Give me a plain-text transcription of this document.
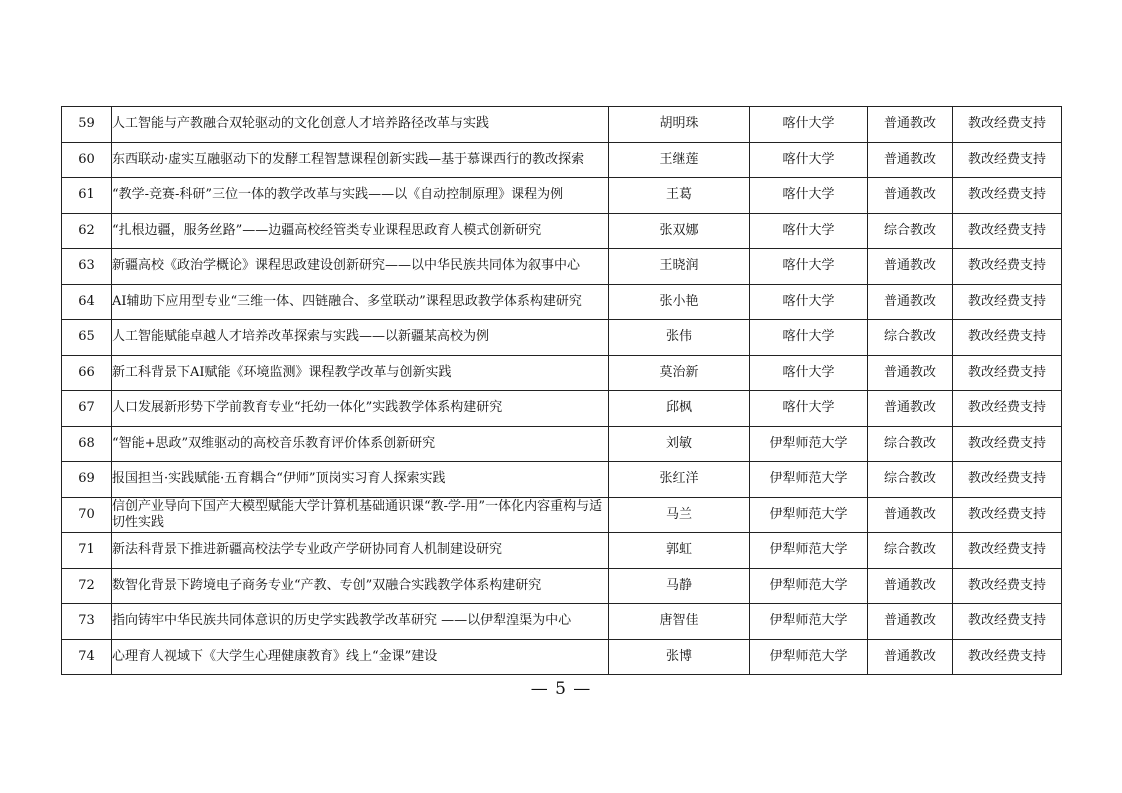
59	人工智能与产教融合双轮驱动的文化创意人才培养路径改革与实践	胡明珠	喀什大学	普通教改	教改经费支持
60	东西联动·虚实互融驱动下的发酵工程智慧课程创新实践—基于慕课西行的教改探索	王继莲	喀什大学	普通教改	教改经费支持
61	“教学-竞赛-科研”三位一体的教学改革与实践——以《自动控制原理》课程为例	王葛	喀什大学	普通教改	教改经费支持
62	“扎根边疆，服务丝路”——边疆高校经管类专业课程思政育人模式创新研究	张双娜	喀什大学	综合教改	教改经费支持
63	新疆高校《政治学概论》课程思政建设创新研究——以中华民族共同体为叙事中心	王晓润	喀什大学	普通教改	教改经费支持
64	AI辅助下应用型专业“三维一体、四链融合、多堂联动”课程思政教学体系构建研究	张小艳	喀什大学	普通教改	教改经费支持
65	人工智能赋能卓越人才培养改革探索与实践——以新疆某高校为例	张伟	喀什大学	综合教改	教改经费支持
66	新工科背景下AI赋能《环境监测》课程教学改革与创新实践	莫治新	喀什大学	普通教改	教改经费支持
67	人口发展新形势下学前教育专业“托幼一体化”实践教学体系构建研究	邱枫	喀什大学	普通教改	教改经费支持
68	“智能+思政”双维驱动的高校音乐教育评价体系创新研究	刘敏	伊犁师范大学	综合教改	教改经费支持
69	报国担当·实践赋能·五育耦合“伊师”顶岗实习育人探索实践	张红洋	伊犁师范大学	综合教改	教改经费支持
70	信创产业导向下国产大模型赋能大学计算机基础通识课“教-学-用”一体化内容重构与适切性实践	马兰	伊犁师范大学	普通教改	教改经费支持
71	新法科背景下推进新疆高校法学专业政产学研协同育人机制建设研究	郭虹	伊犁师范大学	综合教改	教改经费支持
72	数智化背景下跨境电子商务专业“产教、专创”双融合实践教学体系构建研究	马静	伊犁师范大学	普通教改	教改经费支持
73	指向铸牢中华民族共同体意识的历史学实践教学改革研究 ——以伊犁湟渠为中心	唐智佳	伊犁师范大学	普通教改	教改经费支持
74	心理育人视域下《大学生心理健康教育》线上“金课”建设	张博	伊犁师范大学	普通教改	教改经费支持
— 5 —
